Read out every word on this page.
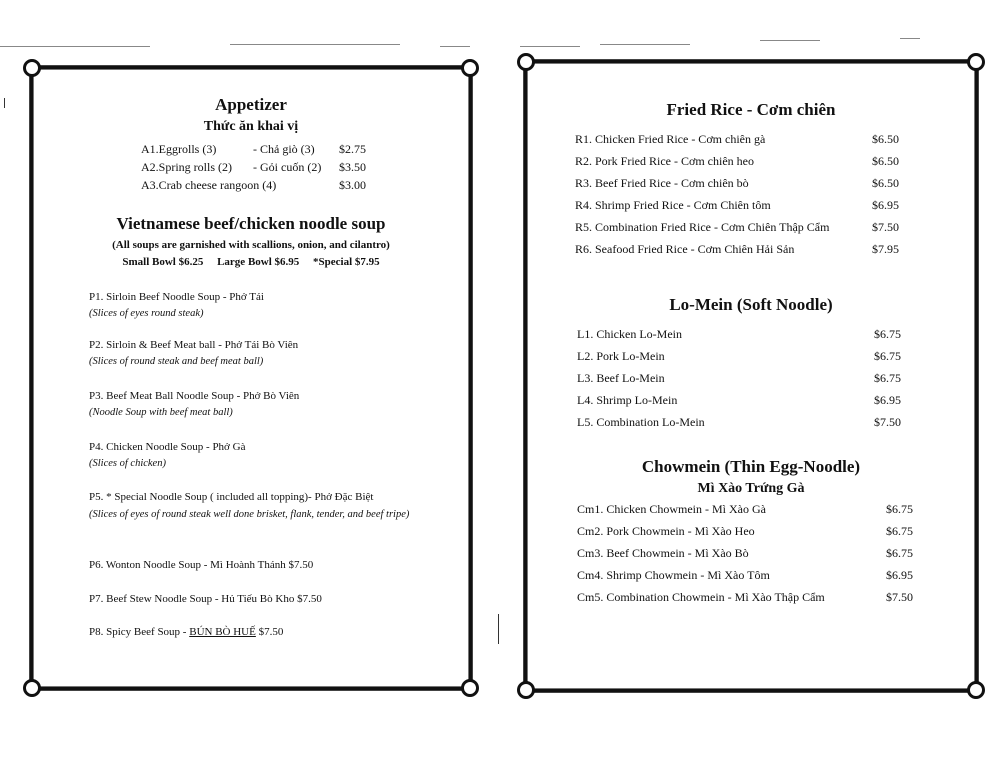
Appetizer
Thức ăn khai vị
A1.Eggrolls (3)	- Chả giò (3) $2.75
A2.Spring rolls (2) - Gỏi cuốn (2) $3.50
A3.Crab cheese rangoon (4)	$3.00
Vietnamese beef/chicken noodle soup
(All soups are garnished with scallions, onion, and cilantro)
Small Bowl $6.25     Large Bowl $6.95     *Special $7.95
P1. Sirloin Beef Noodle Soup - Phở Tái
(Slices of eyes round steak)
P2. Sirloin & Beef Meat ball - Phở Tái Bò Viên
(Slices of round steak and beef meat ball)
P3. Beef Meat Ball Noodle Soup - Phở Bò Viên
(Noodle Soup with beef meat ball)
P4. Chicken Noodle Soup - Phở Gà
(Slices of chicken)
P5. * Special Noodle Soup ( included all topping)- Phở Đặc Biệt
(Slices of eyes of round steak well done brisket, flank, tender, and beef tripe)
P6. Wonton Noodle Soup - Mì Hoành Thánh $7.50
P7. Beef Stew Noodle Soup - Hủ Tiếu Bò Kho $7.50
P8. Spicy Beef Soup - BÚN BÒ HUẾ $7.50
Fried Rice - Cơm chiên
R1. Chicken Fried Rice - Cơm chiên gà	$6.50
R2. Pork Fried Rice - Cơm chiên heo	$6.50
R3. Beef Fried Rice - Cơm chiên bò	$6.50
R4. Shrimp Fried Rice - Cơm Chiên tôm	$6.95
R5. Combination Fried Rice - Cơm Chiên Thập Cẩm	$7.50
R6. Seafood Fried Rice - Cơm Chiên Hải Sản	$7.95
Lo-Mein (Soft Noodle)
L1. Chicken Lo-Mein	$6.75
L2. Pork Lo-Mein	$6.75
L3. Beef Lo-Mein	$6.75
L4. Shrimp Lo-Mein	$6.95
L5. Combination Lo-Mein	$7.50
Chowmein (Thin Egg-Noodle)
Mì Xào Trứng Gà
Cm1. Chicken Chowmein - Mì Xào Gà	$6.75
Cm2. Pork Chowmein - Mì Xào Heo	$6.75
Cm3. Beef Chowmein - Mì Xào Bò	$6.75
Cm4. Shrimp Chowmein - Mì Xào Tôm	$6.95
Cm5. Combination Chowmein - Mì Xào Thập Cẩm	$7.50
